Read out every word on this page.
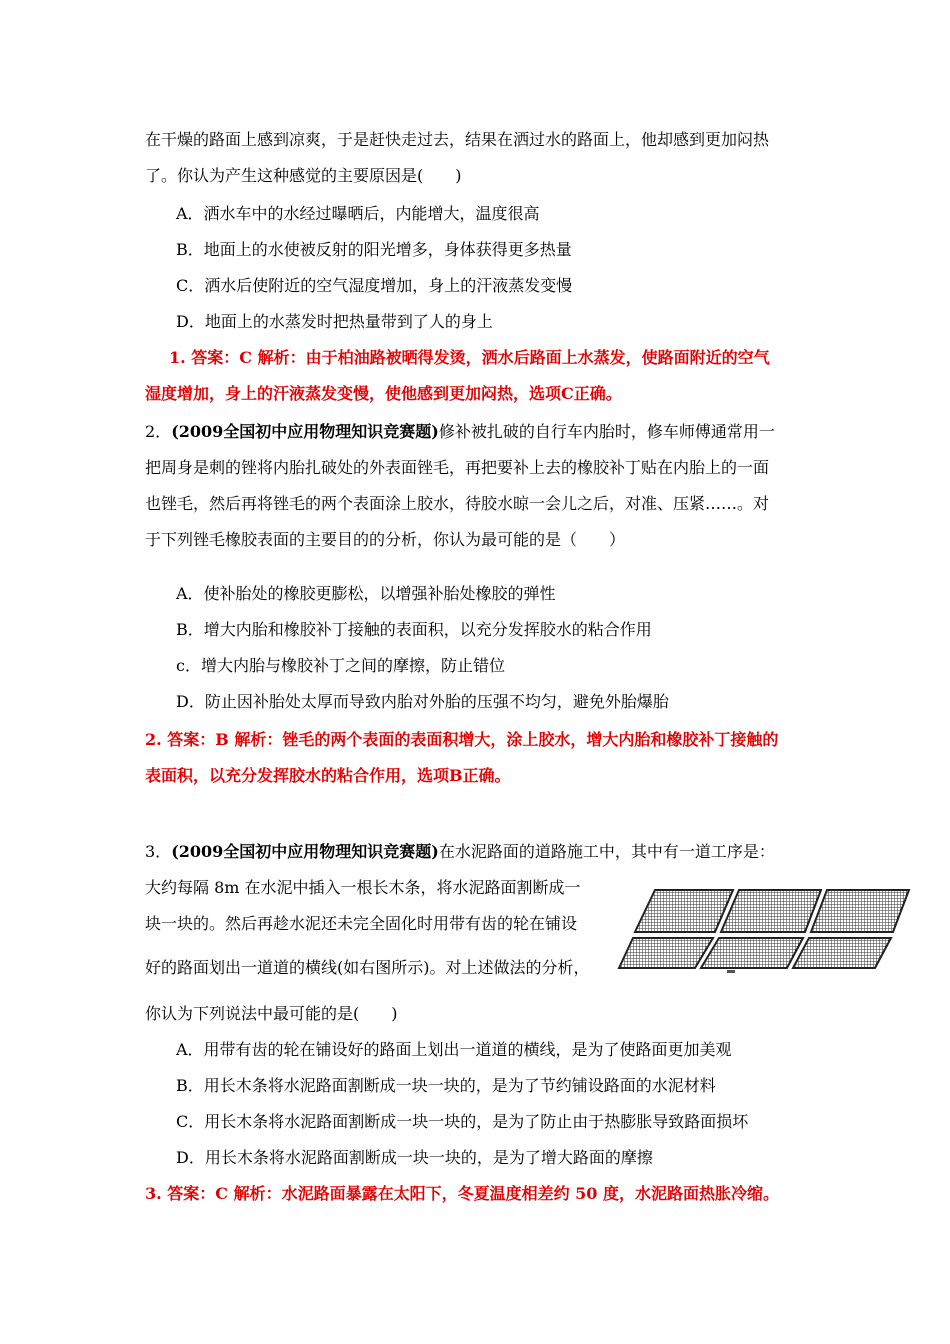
在干燥的路面上感到凉爽，于是赶快走过去，结果在洒过水的路面上，他却感到更加闷热
了。你认为产生这种感觉的主要原因是(　　)
A．洒水车中的水经过曝晒后，内能增大，温度很高
B．地面上的水使被反射的阳光增多，身体获得更多热量
C．洒水后使附近的空气湿度增加，身上的汗液蒸发变慢
D．地面上的水蒸发时把热量带到了人的身上
1. 答案：C 解析：由于柏油路被晒得发烫，洒水后路面上水蒸发，使路面附近的空气
湿度增加，身上的汗液蒸发变慢，使他感到更加闷热，选项C正确。
2．(2009全国初中应用物理知识竞赛题)修补被扎破的自行车内胎时，修车师傅通常用一
把周身是刺的锉将内胎扎破处的外表面锉毛，再把要补上去的橡胶补丁贴在内胎上的一面
也锉毛，然后再将锉毛的两个表面涂上胶水，待胶水晾一会儿之后，对准、压紧……。对
于下列锉毛橡胶表面的主要目的的分析，你认为最可能的是（　　）
A．使补胎处的橡胶更膨松，以增强补胎处橡胶的弹性
B．增大内胎和橡胶补丁接触的表面积，以充分发挥胶水的粘合作用
c．增大内胎与橡胶补丁之间的摩擦，防止错位
D．防止因补胎处太厚而导致内胎对外胎的压强不均匀，避免外胎爆胎
2. 答案：B 解析：锉毛的两个表面的表面积增大，涂上胶水，增大内胎和橡胶补丁接触的
表面积，以充分发挥胶水的粘合作用，选项B正确。
3．(2009全国初中应用物理知识竞赛题)在水泥路面的道路施工中，其中有一道工序是：
大约每隔 8m 在水泥中插入一根长木条，将水泥路面割断成一
块一块的。然后再趁水泥还未完全固化时用带有齿的轮在铺设
好的路面划出一道道的横线(如右图所示)。对上述做法的分析，
你认为下列说法中最可能的是(　　)
A．用带有齿的轮在铺设好的路面上划出一道道的横线，是为了使路面更加美观
B．用长木条将水泥路面割断成一块一块的，是为了节约铺设路面的水泥材料
C．用长木条将水泥路面割断成一块一块的，是为了防止由于热膨胀导致路面损坏
D．用长木条将水泥路面割断成一块一块的，是为了增大路面的摩擦
3. 答案：C 解析：水泥路面暴露在太阳下，冬夏温度相差约 50 度，水泥路面热胀冷缩。
